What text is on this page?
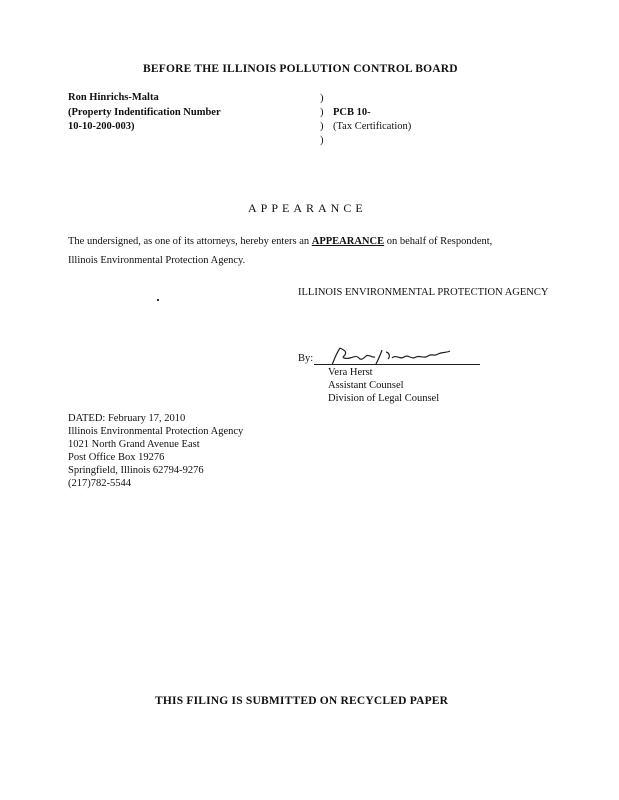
BEFORE THE ILLINOIS POLLUTION CONTROL BOARD
Ron Hinrichs-Malta
(Property Indentification Number
10-10-200-003)
)
)
)
)
PCB 10-
(Tax Certification)
APPEARANCE
The undersigned, as one of its attorneys, hereby enters an APPEARANCE on behalf of Respondent,
Illinois Environmental Protection Agency.
ILLINOIS ENVIRONMENTAL PROTECTION AGENCY
By:
Vera Herst
Assistant Counsel
Division of Legal Counsel
DATED: February 17, 2010
Illinois Environmental Protection Agency
1021 North Grand Avenue East
Post Office Box 19276
Springfield, Illinois 62794-9276
(217)782-5544
THIS FILING IS SUBMITTED ON RECYCLED PAPER
